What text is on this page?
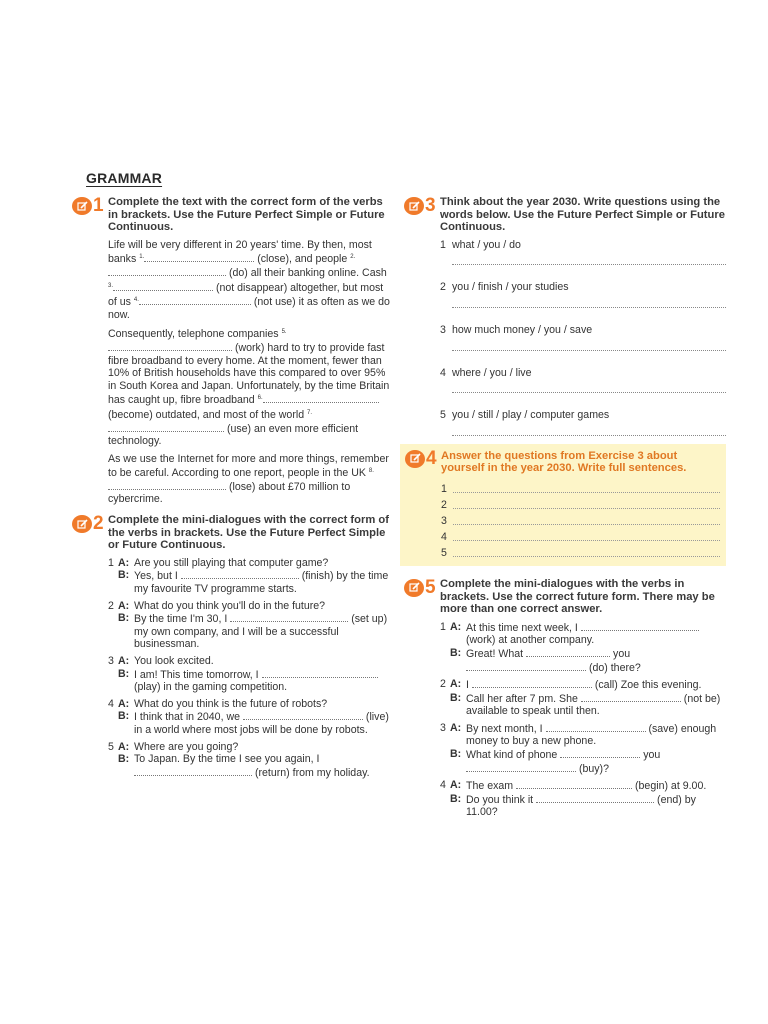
GRAMMAR
1 Complete the text with the correct form of the verbs in brackets. Use the Future Perfect Simple or Future Continuous.

Life will be very different in 20 years' time. By then, most banks $^{1.}$	(close), and people $^{2.}$ (do) all their banking online. Cash $^{3.}$	(not disappear) altogether, but most of us $^{4.}$	(not use) it as often as we do now.

Consequently, telephone companies $^{5.}$ (work) hard to try to provide fast fibre broadband to every home. At the moment, fewer than 10% of British households have this compared to over 95% in South Korea and Japan. Unfortunately, by the time Britain has caught up, fibre broadband $^{6.}$ (become) outdated, and most of the world $^{7.}$ (use) an even more efficient technology.

As we use the Internet for more and more things, remember to be careful. According to one report, people in the UK $^{8.}$ (lose) about £70 million to cybercrime.

2 Complete the mini-dialogues with the correct form of the verbs in brackets. Use the Future Perfect Simple or Future Continuous.
1 A: Are you still playing that computer game?
B: Yes, but I	(finish) by the time my favourite TV programme starts.
2 A: What do you think you'll do in the future?
B: By the time I'm 30, I	(set up) my own company, and I will be a successful businessman.
3 A: You look excited.
B: I am! This time tomorrow, I  (play) in the gaming competition.
4 A: What do you think is the future of robots?
B: I think that in 2040, we	(live) in a world where most jobs will be done by robots.
5 A: Where are you going?
B: To Japan. By the time I see you again, I  (return) from my holiday.
3 Think about the year 2030. Write questions using the words below. Use the Future Perfect Simple or Future Continuous.
1 what / you / do
2 you / finish / your studies
3 how much money / you / save
4 where / you / live
5 you / still / play / computer games
4 Answer the questions from Exercise 3 about yourself in the year 2030. Write full sentences.
1
2
3
4
5
5 Complete the mini-dialogues with the verbs in brackets. Use the correct future form. There may be more than one correct answer.
1 A: At this time next week, I  (work) at another company.
B: Great! What	you  (do) there?
2 A: I	(call) Zoe this evening.
B: Call her after 7 pm. She	(not be) available to speak until then.
3 A: By next month, I	(save) enough money to buy a new phone.
B: What kind of phone	you  (buy)?
4 A: The exam	(begin) at 9.00.
B: Do you think it	(end) by 11.00?
